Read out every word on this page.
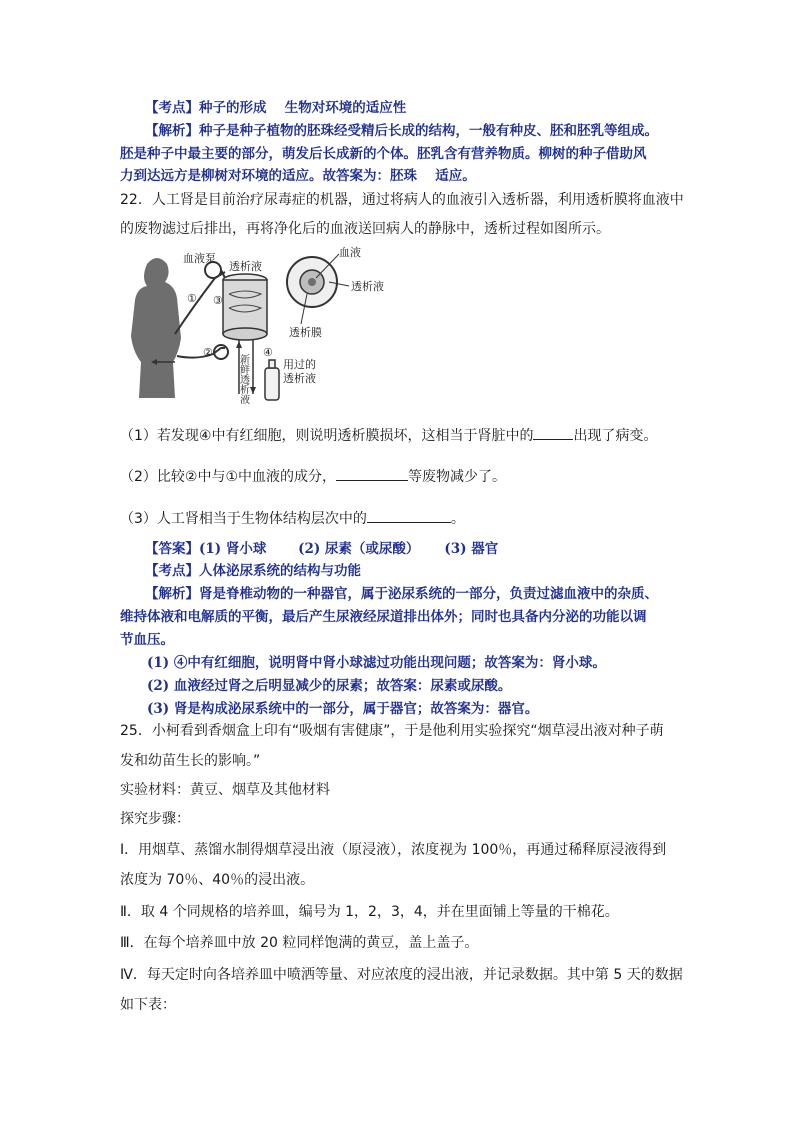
【考点】种子的形成　 生物对环境的适应性
【解析】种子是种子植物的胚珠经受精后长成的结构，一般有种皮、胚和胚乳等组成。
胚是种子中最主要的部分，萌发后长成新的个体。胚乳含有营养物质。柳树的种子借助风
力到达远方是柳树对环境的适应。故答案为：胚珠　 适应。
22．人工肾是目前治疗尿毒症的机器，通过将病人的血液引入透析器，利用透析膜将血液中
的废物滤过后排出，再将净化后的血液送回病人的静脉中，透析过程如图所示。
血液泵
透析液
①
②
③
④
用过的
透析液
新鲜透析液
血液
透析液
透析膜
（1）若发现④中有红细胞，则说明透析膜损坏，这相当于肾脏中的	出现了病变。
（2）比较②中与①中血液的成分，	等废物减少了。
（3）人工肾相当于生物体结构层次中的	。
【答案】(1) 肾小球　　 (2) 尿素（或尿酸）　　 (3) 器官
【考点】人体泌尿系统的结构与功能
【解析】肾是脊椎动物的一种器官，属于泌尿系统的一部分，负责过滤血液中的杂质、
维持体液和电解质的平衡，最后产生尿液经尿道排出体外；同时也具备内分泌的功能以调
节血压。
(1) ④中有红细胞，说明肾中肾小球滤过功能出现问题；故答案为：肾小球。
(2) 血液经过肾之后明显减少的尿素；故答案：尿素或尿酸。
(3) 肾是构成泌尿系统中的一部分，属于器官；故答案为：器官。
25．小柯看到香烟盒上印有“吸烟有害健康”，于是他利用实验探究“烟草浸出液对种子萌
发和幼苗生长的影响。”
实验材料：黄豆、烟草及其他材料
探究步骤：
Ⅰ．用烟草、蒸馏水制得烟草浸出液（原浸液），浓度视为 100％，再通过稀释原浸液得到
浓度为 70％、40％的浸出液。
Ⅱ．取 4 个同规格的培养皿，编号为 1，2，3，4，并在里面铺上等量的干棉花。
Ⅲ．在每个培养皿中放 20 粒同样饱满的黄豆，盖上盖子。
Ⅳ．每天定时向各培养皿中喷洒等量、对应浓度的浸出液，并记录数据。其中第 5 天的数据
如下表：
